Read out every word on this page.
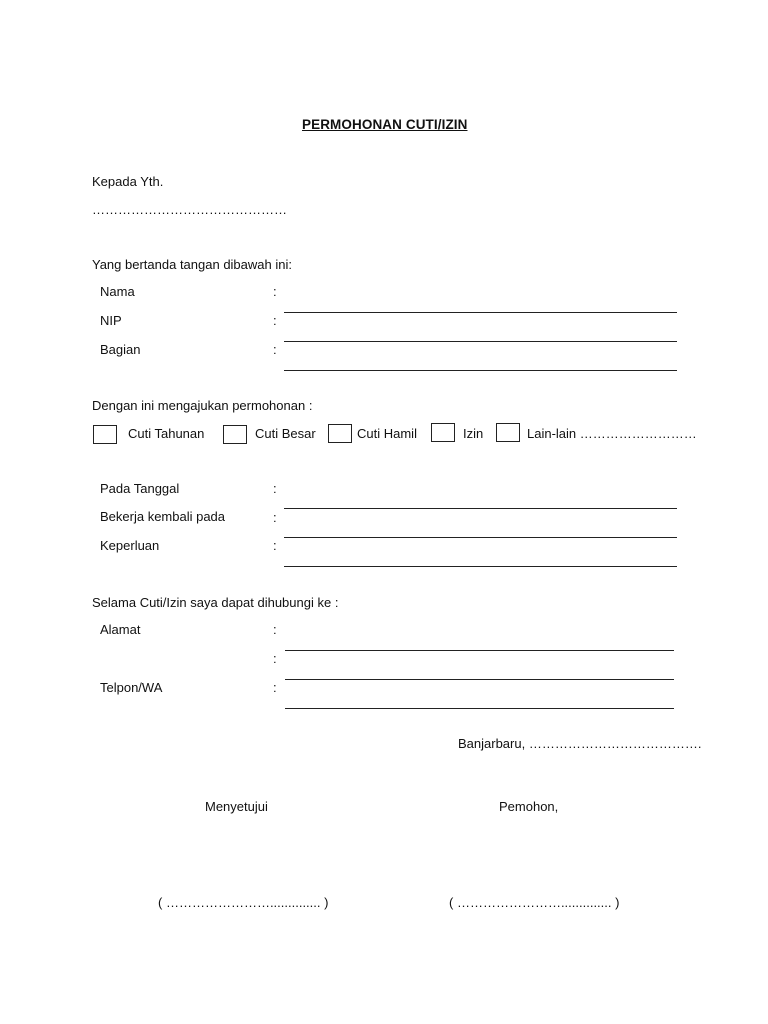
PERMOHONAN CUTI/IZIN
Kepada Yth.
………………………………………
Yang bertanda tangan dibawah ini:
Nama	:
NIP	:
Bagian	:
Dengan ini mengajukan permohonan :
Cuti Tahunan	Cuti Besar	Cuti Hamil	Izin	Lain-lain ………………………
Pada Tanggal	:
Bekerja kembali pada	:
Keperluan	:
Selama Cuti/Izin saya dapat dihubungi ke :
Alamat	:
:
Telpon/WA	:
Banjarbaru, ………………………………….
Menyetujui	Pemohon,
( …………………….............. )	( …………………….............. )
